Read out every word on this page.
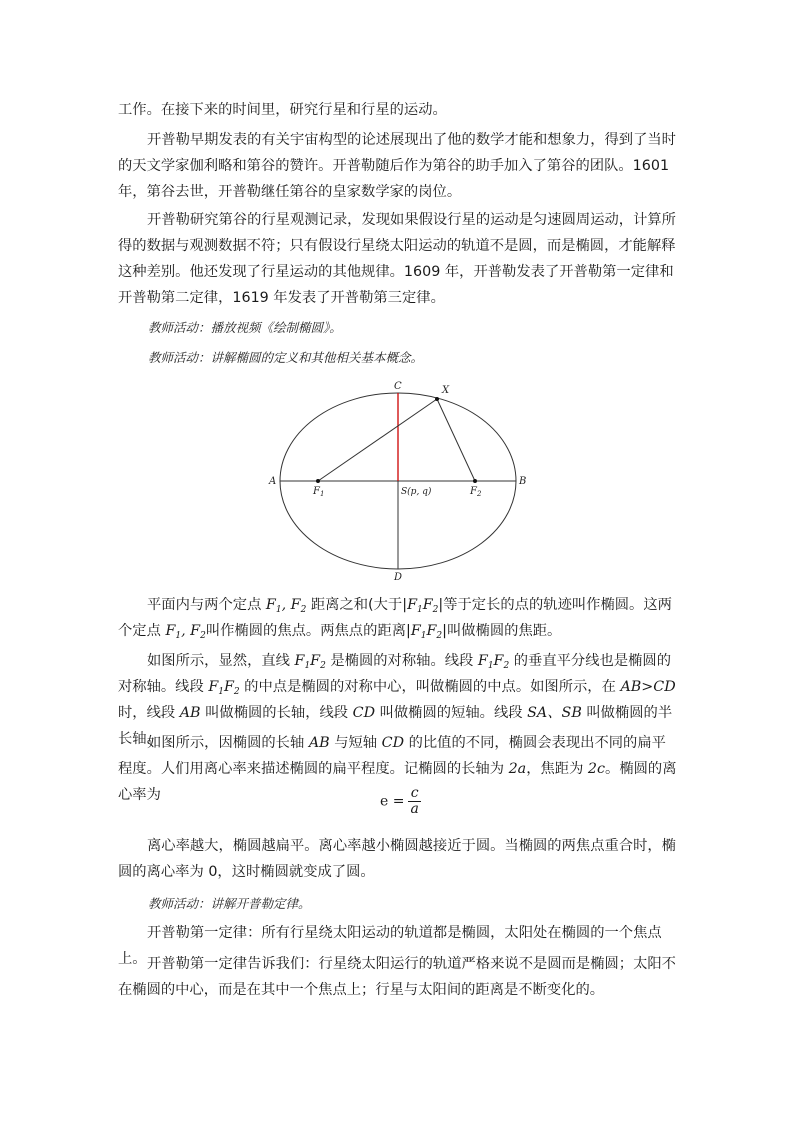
工作。在接下来的时间里，研究行星和行星的运动。

开普勒早期发表的有关宇宙构型的论述展现出了他的数学才能和想象力，得到了当时的天文学家伽利略和第谷的赞许。开普勒随后作为第谷的助手加入了第谷的团队。1601 年，第谷去世，开普勒继任第谷的皇家数学家的岗位。

开普勒研究第谷的行星观测记录，发现如果假设行星的运动是匀速圆周运动，计算所得的数据与观测数据不符；只有假设行星绕太阳运动的轨道不是圆，而是椭圆，才能解释这种差别。他还发现了行星运动的其他规律。1609 年，开普勒发表了开普勒第一定律和开普勒第二定律，1619 年发表了开普勒第三定律。

教师活动：播放视频《绘制椭圆》。

教师活动：讲解椭圆的定义和其他相关基本概念。

A	B
C
D
X
$F_1$	$F_2$
S(p, q)

平面内与两个定点 $F_1$, $F_2$ 距离之和(大于$|F_1F_2|$等于定长的点的轨迹叫作椭圆。这两个定点 $F_1$, $F_2$叫作椭圆的焦点。两焦点的距离$|F_1F_2|$叫做椭圆的焦距。

如图所示，显然，直线 $F_1F_2$ 是椭圆的对称轴。线段 $F_1F_2$ 的垂直平分线也是椭圆的对称轴。线段 $F_1F_2$ 的中点是椭圆的对称中心，叫做椭圆的中点。如图所示，在 AB>CD 时，线段 AB 叫做椭圆的长轴，线段 CD 叫做椭圆的短轴。线段 SA、SB 叫做椭圆的半长轴。

如图所示，因椭圆的长轴 AB 与短轴 CD 的比值的不同，椭圆会表现出不同的扁平程度。人们用离心率来描述椭圆的扁平程度。记椭圆的长轴为 2a，焦距为 2c。椭圆的离心率为	$e = \frac{c}{a}$

离心率越大，椭圆越扁平。离心率越小椭圆越接近于圆。当椭圆的两焦点重合时，椭圆的离心率为 0，这时椭圆就变成了圆。

教师活动：讲解开普勒定律。

开普勒第一定律：所有行星绕太阳运动的轨道都是椭圆，太阳处在椭圆的一个焦点上。 开普勒第一定律告诉我们：行星绕太阳运行的轨道严格来说不是圆而是椭圆；太阳不在椭圆的中心，而是在其中一个焦点上；行星与太阳间的距离是不断变化的。
